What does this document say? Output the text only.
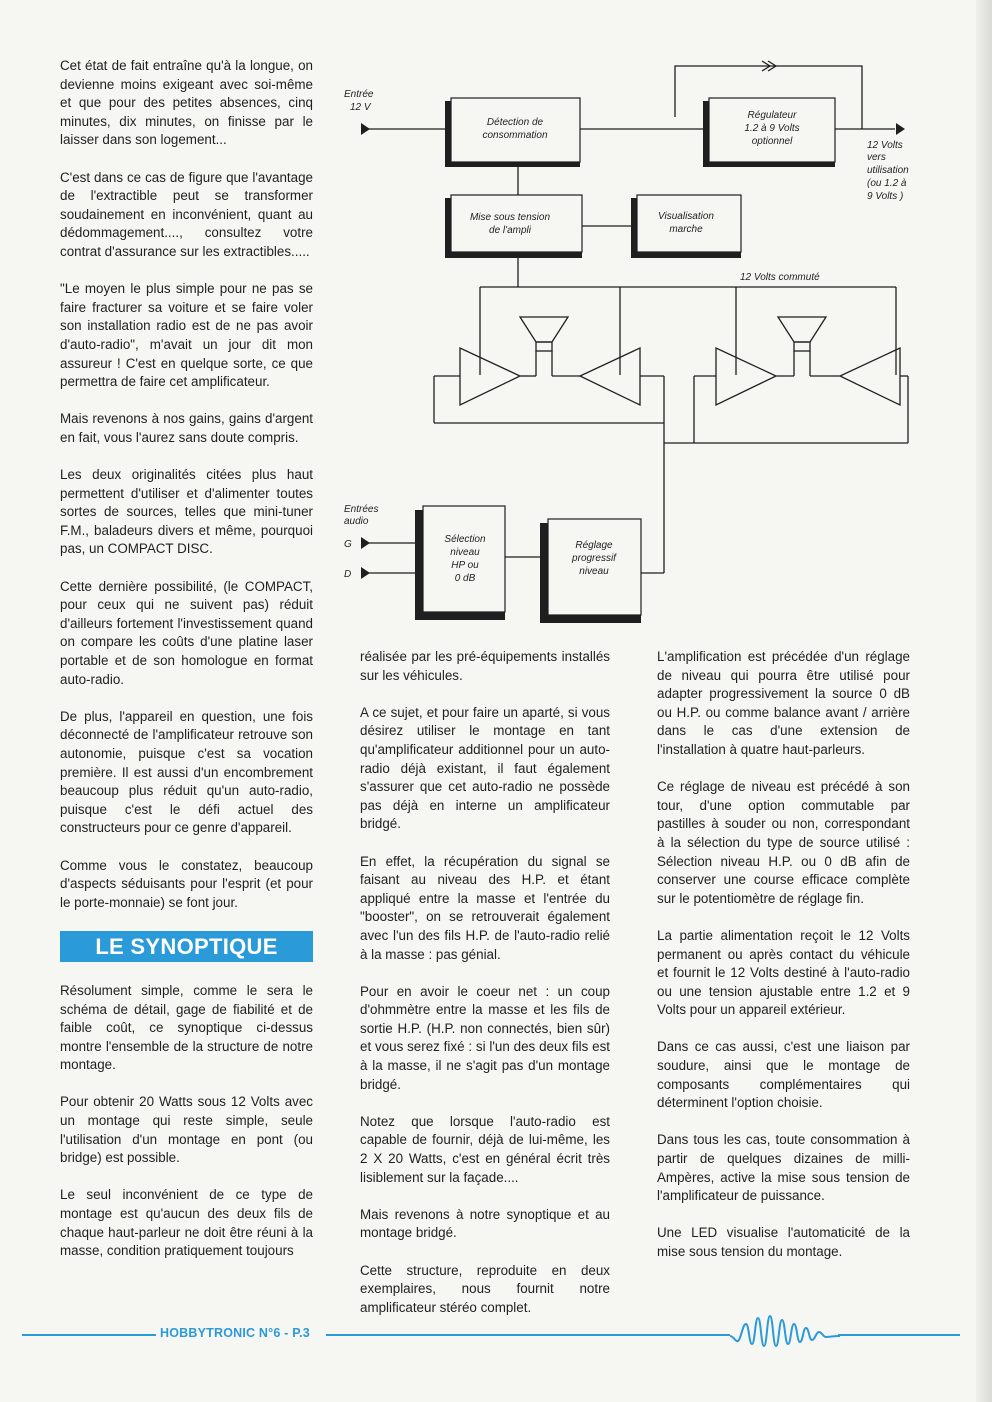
Cet état de fait entraîne qu'à la longue, on devienne moins exigeant avec soi-même et que pour des petites absences, cinq minutes, dix minutes, on finisse par le laisser dans son logement...

C'est dans ce cas de figure que l'avantage de l'extractible peut se transformer soudainement en inconvénient, quant au dédommagement...., consultez votre contrat d'assurance sur les extractibles.....

"Le moyen le plus simple pour ne pas se faire fracturer sa voiture et se faire voler son installation radio est de ne pas avoir d'auto-radio", m'avait un jour dit mon assureur ! C'est en quelque sorte, ce que permettra de faire cet amplificateur.

Mais revenons à nos gains, gains d'argent en fait, vous l'aurez sans doute compris.

Les deux originalités citées plus haut permettent d'utiliser et d'alimenter toutes sortes de sources, telles que mini-tuner F.M., baladeurs divers et même, pourquoi pas, un COMPACT DISC.

Cette dernière possibilité, (le COMPACT, pour ceux qui ne suivent pas) réduit d'ailleurs fortement l'investissement quand on compare les coûts d'une platine laser portable et de son homologue en format auto-radio.

De plus, l'appareil en question, une fois déconnecté de l'amplificateur retrouve son autonomie, puisque c'est sa vocation première. Il est aussi d'un encombrement beaucoup plus réduit qu'un auto-radio, puisque c'est le défi actuel des constructeurs pour ce genre d'appareil.

Comme vous le constatez, beaucoup d'aspects séduisants pour l'esprit (et pour le porte-monnaie) se font jour.

LE SYNOPTIQUE

Résolument simple, comme le sera le schéma de détail, gage de fiabilité et de faible coût, ce synoptique ci-dessus montre l'ensemble de la structure de notre montage.

Pour obtenir 20 Watts sous 12 Volts avec un montage qui reste simple, seule l'utilisation d'un montage en pont (ou bridge) est possible.

Le seul inconvénient de ce type de montage est qu'aucun des deux fils de chaque haut-parleur ne doit être réuni à la masse, condition pratiquement toujours

Entrée
12 V
Détection de
consommation
Régulateur
1.2 à 9 Volts
optionnel	12 Volts
vers
utilisation
(ou 1.2 à
9 Volts )
Mise sous tension
de l'ampli
Visualisation
marche
12 Volts commuté
Entrées
audio
G
D
Sélection
niveau
HP ou
0 dB
Réglage
progressif
niveau

réalisée par les pré-équipements installés sur les véhicules.

A ce sujet, et pour faire un aparté, si vous désirez utiliser le montage en tant qu'amplificateur additionnel pour un auto-radio déjà existant, il faut également s'assurer que cet auto-radio ne possède pas déjà en interne un amplificateur bridgé.

En effet, la récupération du signal se faisant au niveau des H.P. et étant appliqué entre la masse et l'entrée du "booster", on se retrouverait également avec l'un des fils H.P. de l'auto-radio relié à la masse : pas génial.

Pour en avoir le coeur net : un coup d'ohmmètre entre la masse et les fils de sortie H.P. (H.P. non connectés, bien sûr) et vous serez fixé : si l'un des deux fils est à la masse, il ne s'agit pas d'un montage bridgé.

Notez que lorsque l'auto-radio est capable de fournir, déjà de lui-même, les 2 X 20 Watts, c'est en général écrit très lisiblement sur la façade....

Mais revenons à notre synoptique et au montage bridgé.

Cette structure, reproduite en deux exemplaires, nous fournit notre amplificateur stéréo complet.

L'amplification est précédée d'un réglage de niveau qui pourra être utilisé pour adapter progressivement la source 0 dB ou H.P. ou comme balance avant / arrière dans le cas d'une extension de l'installation à quatre haut-parleurs.

Ce réglage de niveau est précédé à son tour, d'une option commutable par pastilles à souder ou non, correspondant à la sélection du type de source utilisé : Sélection niveau H.P. ou 0 dB afin de conserver une course efficace complète sur le potentiomètre de réglage fin.

La partie alimentation reçoit le 12 Volts permanent ou après contact du véhicule et fournit le 12 Volts destiné à l'auto-radio ou une tension ajustable entre 1.2 et 9 Volts pour un appareil extérieur.

Dans ce cas aussi, c'est une liaison par soudure, ainsi que le montage de composants complémentaires qui déterminent l'option choisie.

Dans tous les cas, toute consommation à partir de quelques dizaines de milli-Ampères, active la mise sous tension de l'amplificateur de puissance.

Une LED visualise l'automaticité de la mise sous tension du montage.

HOBBYTRONIC N°6 - P.3
